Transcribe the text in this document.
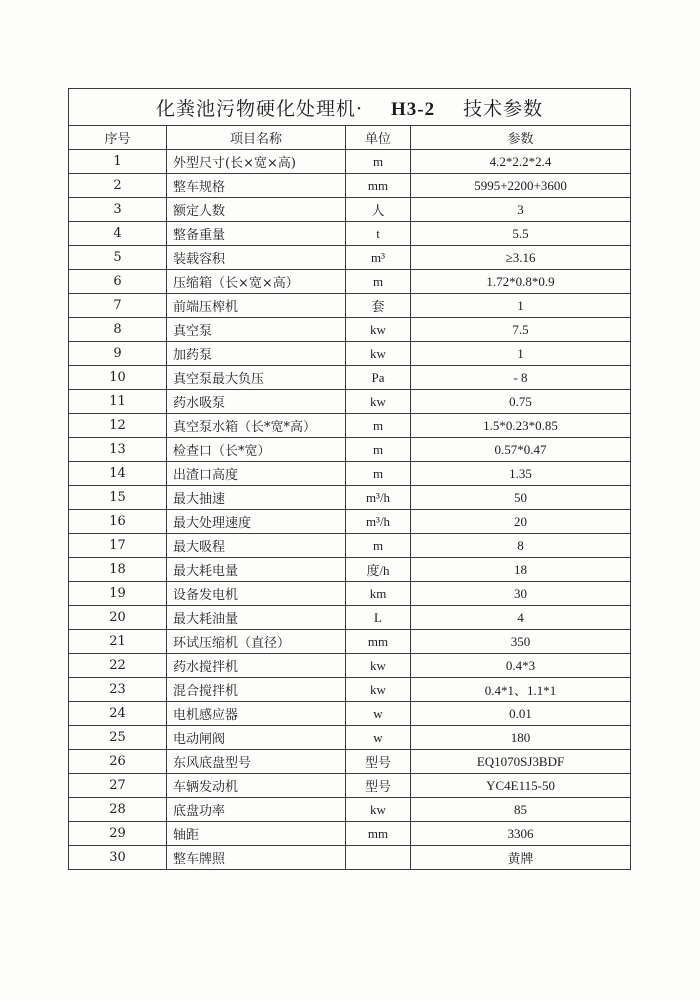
化粪池污物硬化处理机· H3-2 技术参数			
序号	项目名称	单位	参数
1	外型尺寸(长×宽×高)	m	4.2*2.2*2.4
2	整车规格	mm	5995+2200+3600
3	额定人数	人	3
4	整备重量	t	5.5
5	装载容积	m³	≥3.16
6	压缩箱（长×宽×高）	m	1.72*0.8*0.9
7	前端压榨机	套	1
8	真空泵	kw	7.5
9	加药泵	kw	1
10	真空泵最大负压	Pa	- 8
11	药水吸泵	kw	0.75
12	真空泵水箱（长*宽*高）	m	1.5*0.23*0.85
13	检查口（长*宽）	m	0.57*0.47
14	出渣口高度	m	1.35
15	最大抽速	m³/h	50
16	最大处理速度	m³/h	20
17	最大吸程	m	8
18	最大耗电量	度/h	18
19	设备发电机	km	30
20	最大耗油量	L	4
21	环试压缩机（直径）	mm	350
22	药水搅拌机	kw	0.4*3
23	混合搅拌机	kw	0.4*1、1.1*1
24	电机感应器	w	0.01
25	电动闸阀	w	180
26	东风底盘型号	型号	EQ1070SJ3BDF
27	车辆发动机	型号	YC4E115-50
28	底盘功率	kw	85
29	轴距	mm	3306
30	整车牌照		黄牌
